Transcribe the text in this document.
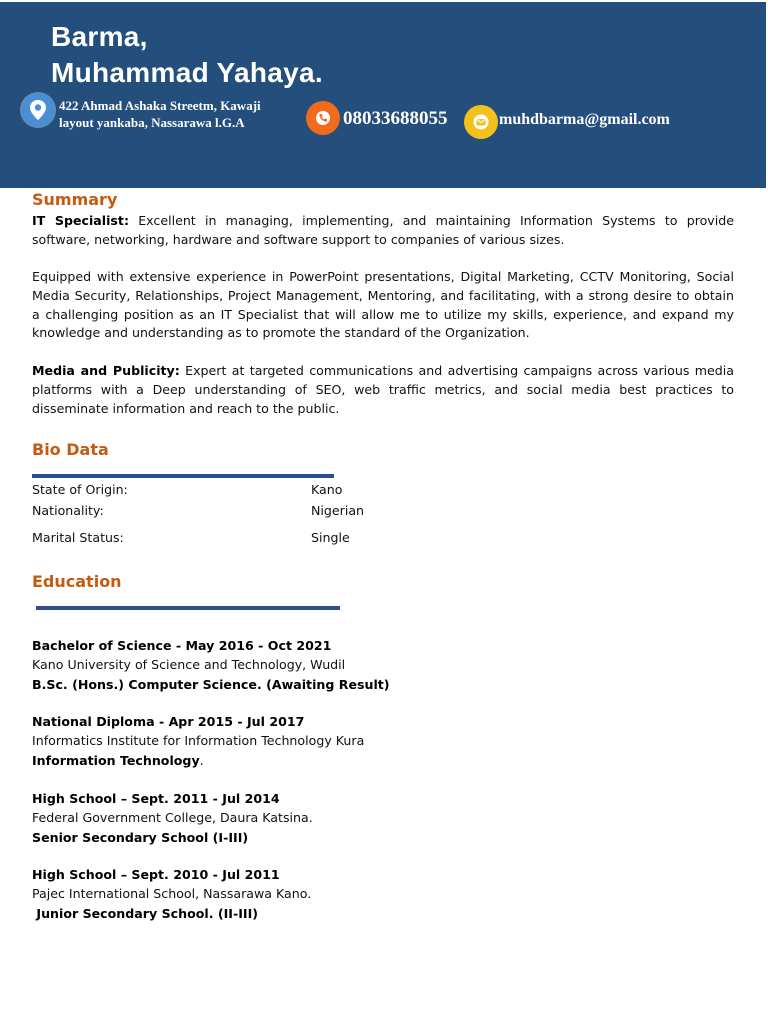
Barma,
Muhammad Yahaya.
422 Ahmad Ashaka Streetm, Kawaji
layout yankaba, Nassarawa l.G.A	08033688055	muhdbarma@gmail.com
Summary
IT Specialist: Excellent in managing, implementing, and maintaining Information Systems to provide software, networking, hardware and software support to companies of various sizes.
Equipped with extensive experience in PowerPoint presentations, Digital Marketing, CCTV Monitoring, Social Media Security, Relationships, Project Management, Mentoring, and facilitating, with a strong desire to obtain a challenging position as an IT Specialist that will allow me to utilize my skills, experience, and expand my knowledge and understanding as to promote the standard of the Organization.
Media and Publicity: Expert at targeted communications and advertising campaigns across various media platforms with a Deep understanding of SEO, web traffic metrics, and social media best practices to disseminate information and reach to the public.
Bio Data
State of Origin:	Kano
Nationality:	Nigerian
Marital Status:	Single
Education
Bachelor of Science - May 2016 - Oct 2021
Kano University of Science and Technology, Wudil
B.Sc. (Hons.) Computer Science. (Awaiting Result)
National Diploma - Apr 2015 - Jul 2017
Informatics Institute for Information Technology Kura
Information Technology.
High School – Sept. 2011 - Jul 2014
Federal Government College, Daura Katsina.
Senior Secondary School (I-III)
High School – Sept. 2010 - Jul 2011
Pajec International School, Nassarawa Kano.
Junior Secondary School. (II-III)
